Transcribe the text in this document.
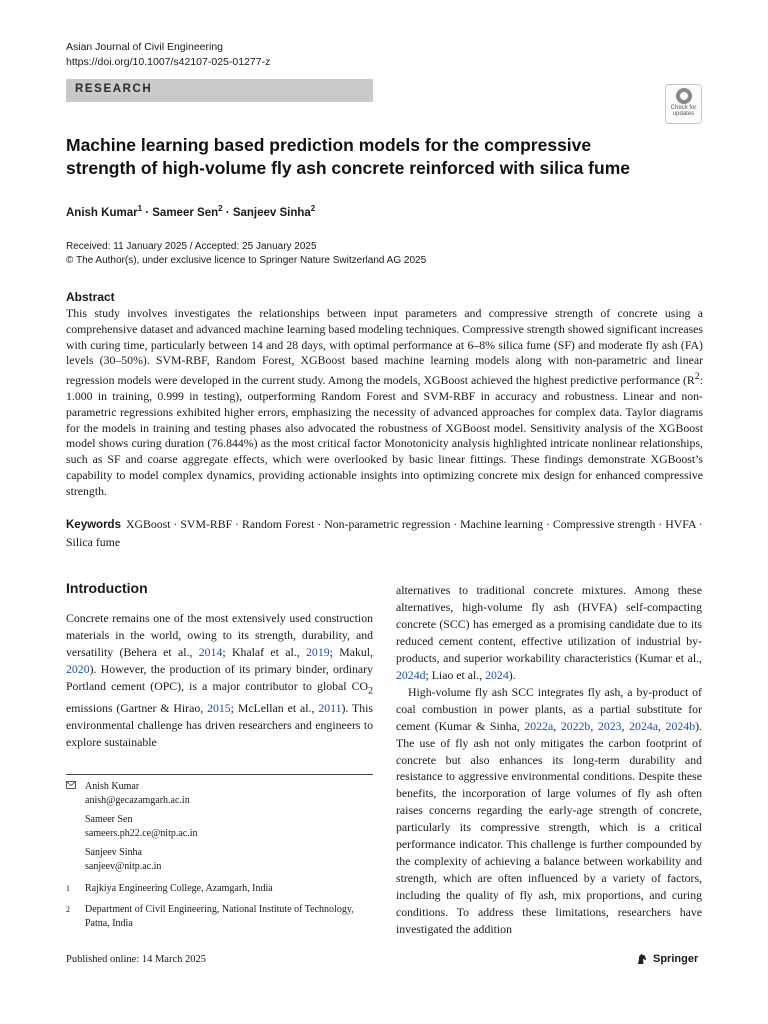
Asian Journal of Civil Engineering
https://doi.org/10.1007/s42107-025-01277-z
RESEARCH
Check for
updates
Machine learning based prediction models for the compressive
strength of high-volume fly ash concrete reinforced with silica fume
Anish Kumar$^1$ · Sameer Sen$^2$ · Sanjeev Sinha$^2$
Received: 11 January 2025 / Accepted: 25 January 2025
© The Author(s), under exclusive licence to Springer Nature Switzerland AG 2025
Abstract
This study involves investigates the relationships between input parameters and compressive strength of concrete using a comprehensive dataset and advanced machine learning based modeling techniques. Compressive strength showed significant increases with curing time, particularly between 14 and 28 days, with optimal performance at 6–8% silica fume (SF) and moderate fly ash (FA) levels (30–50%). SVM-RBF, Random Forest, XGBoost based machine learning models along with non-parametric and linear regression models were developed in the current study. Among the models, XGBoost achieved the highest predictive performance ($R^2$: 1.000 in training, 0.999 in testing), outperforming Random Forest and SVM-RBF in accuracy and robustness. Linear and non-parametric regressions exhibited higher errors, emphasizing the necessity of advanced approaches for complex data. Taylor diagrams for the models in training and testing phases also advocated the robustness of XGBoost model. Sensitivity analysis of the XGBoost model shows curing duration (76.844%) as the most critical factor Monotonicity analysis highlighted intricate nonlinear relationships, such as SF and coarse aggregate effects, which were overlooked by basic linear fittings. These findings demonstrate XGBoost’s capability to model complex dynamics, providing actionable insights into optimizing concrete mix design for enhanced compressive strength.
Keywords XGBoost · SVM-RBF · Random Forest · Non-parametric regression · Machine learning · Compressive strength · HVFA · Silica fume
Introduction

Concrete remains one of the most extensively used construction materials in the world, owing to its strength, durability, and versatility (Behera et al., 2014; Khalaf et al., 2019; Makul, 2020). However, the production of its primary binder, ordinary Portland cement (OPC), is a major contributor to global $CO_2$ emissions (Gartner & Hirao, 2015; McLellan et al., 2011). This environmental challenge has driven researchers and engineers to explore sustainable

alternatives to traditional concrete mixtures. Among these alternatives, high-volume fly ash (HVFA) self-compacting concrete (SCC) has emerged as a promising candidate due to its reduced cement content, effective utilization of industrial by-products, and superior workability characteristics (Kumar et al., 2024d; Liao et al., 2024).

High-volume fly ash SCC integrates fly ash, a by-product of coal combustion in power plants, as a partial substitute for cement (Kumar & Sinha, 2022a, 2022b, 2023, 2024a, 2024b). The use of fly ash not only mitigates the carbon footprint of concrete but also enhances its long-term durability and resistance to aggressive environmental conditions. Despite these benefits, the incorporation of large volumes of fly ash often raises concerns regarding the early-age strength of concrete, particularly its compressive strength, which is a critical performance indicator. This challenge is further compounded by the complexity of achieving a balance between workability and strength, which are often influenced by a variety of factors, including the quality of fly ash, mix proportions, and curing conditions. To address these limitations, researchers have investigated the addition

Anish Kumar
anish@gecazamgarh.ac.in
Sameer Sen
sameers.ph22.ce@nitp.ac.in
Sanjeev Sinha
sanjeev@nitp.ac.in
1	Rajkiya Engineering College, Azamgarh, India
2	Department of Civil Engineering, National Institute of Technology, Patna, India
Published online: 14 March 2025	Springer
